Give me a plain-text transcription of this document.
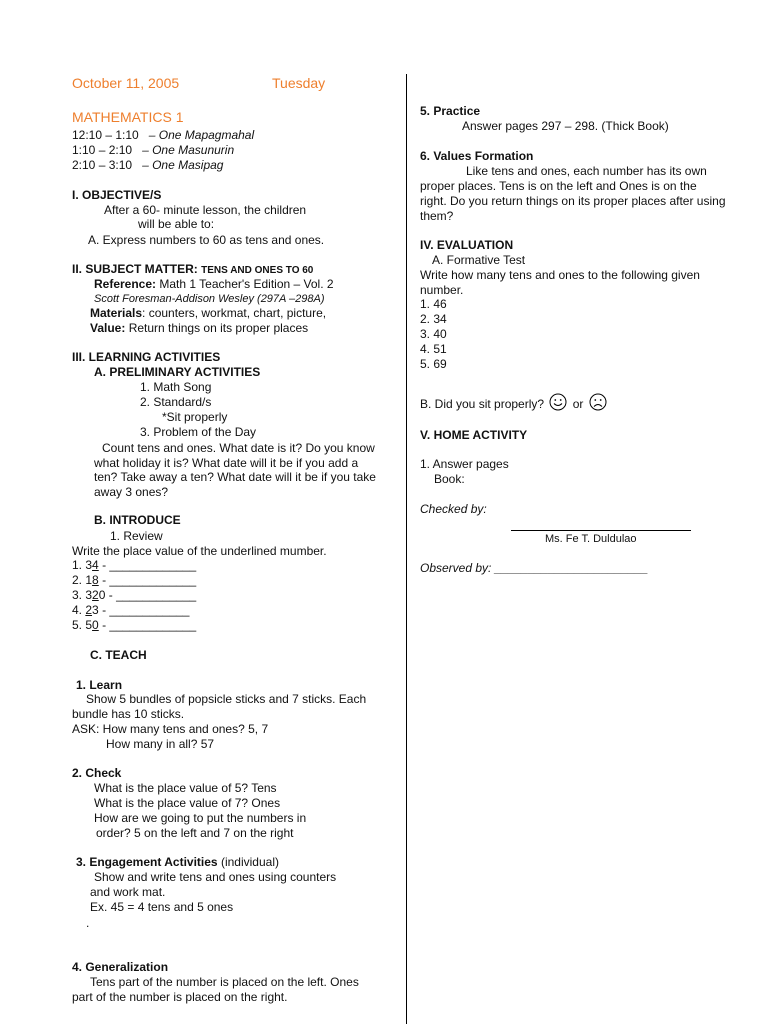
October 11, 2005	Tuesday
MATHEMATICS 1
12:10 – 1:10 – One Mapagmahal
1:10 – 2:10 – One Masunurin
2:10 – 3:10 – One Masipag
I. OBJECTIVE/S
After a 60- minute lesson, the children
will be able to:
A. Express numbers to 60 as tens and ones.
II. SUBJECT MATTER: TENS AND ONES TO 60
Reference: Math 1 Teacher's Edition – Vol. 2
Scott Foresman-Addison Wesley (297A –298A)
Materials: counters, workmat, chart, picture,
Value: Return things on its proper places
III. LEARNING ACTIVITIES
A. PRELIMINARY ACTIVITIES
1. Math Song
2. Standard/s
*Sit properly
3. Problem of the Day
Count tens and ones. What date is it? Do you know
what holiday it is? What date will it be if you add a
ten? Take away a ten? What date will it be if you take
away 3 ones?
B. INTRODUCE
1. Review
Write the place value of the underlined mumber.
1. 34 - _____________
2. 18 - _____________
3. 320 - ____________
4. 23 - ____________
5. 50 - _____________
C. TEACH
1. Learn
Show 5 bundles of popsicle sticks and 7 sticks. Each
bundle has 10 sticks.
ASK: How many tens and ones? 5, 7
How many in all? 57
2. Check
What is the place value of 5? Tens
What is the place value of 7? Ones
How are we going to put the numbers in
order? 5 on the left and 7 on the right
3. Engagement Activities (individual)
Show and write tens and ones using counters
and work mat.
Ex. 45 = 4 tens and 5 ones
.
4. Generalization
Tens part of the number is placed on the left. Ones
part of the number is placed on the right.
5. Practice
Answer pages 297 – 298. (Thick Book)
6. Values Formation
Like tens and ones, each number has its own
proper places. Tens is on the left and Ones is on the
right. Do you return things on its proper places after using
them?
IV. EVALUATION
A. Formative Test
Write how many tens and ones to the following given
number.
1. 46
2. 34
3. 40
4. 51
5. 69
B. Did you sit properly? or
V. HOME ACTIVITY
1. Answer pages
Book:
Checked by:
Ms. Fe T. Duldulao
Observed by: _______________________
